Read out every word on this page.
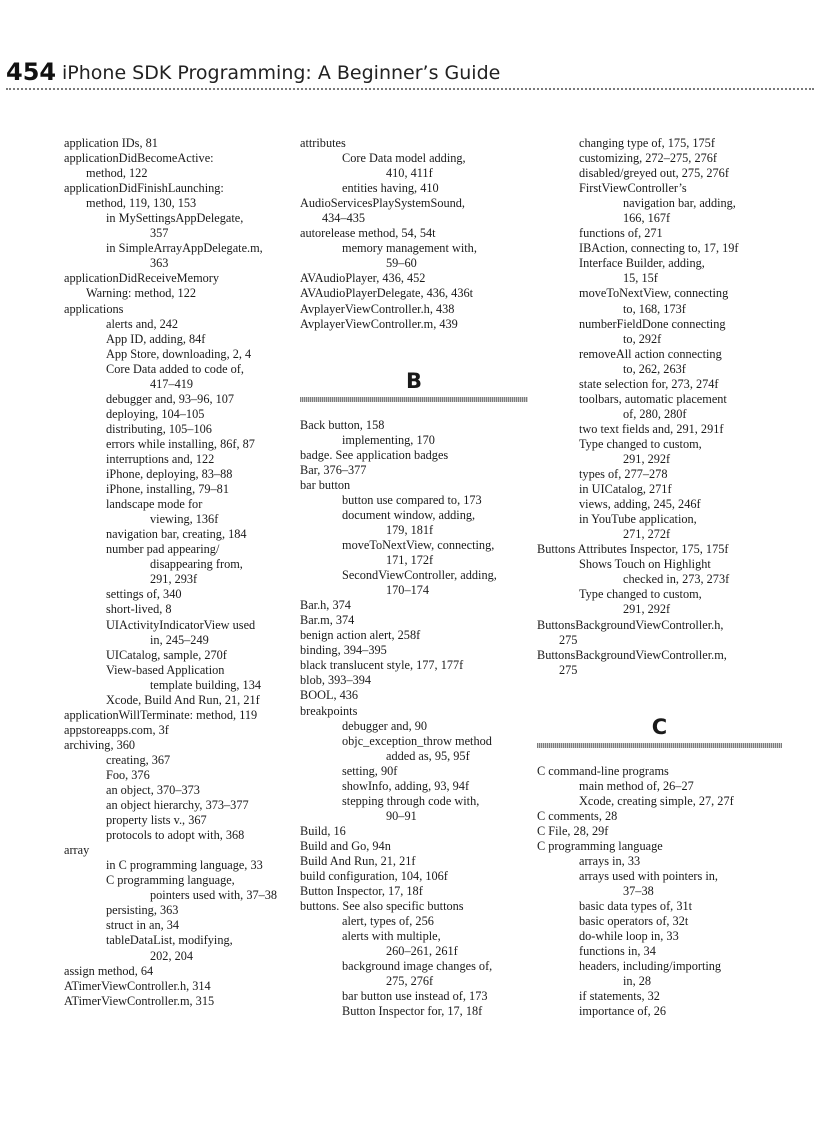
454 iPhone SDK Programming: A Beginner’s Guide
application IDs, 81
applicationDidBecomeActive:
method, 122
applicationDidFinishLaunching:
method, 119, 130, 153
in MySettingsAppDelegate,
357
in SimpleArrayAppDelegate.m,
363
applicationDidReceiveMemory
Warning: method, 122
applications
alerts and, 242
App ID, adding, 84f
App Store, downloading, 2, 4
Core Data added to code of,
417–419
debugger and, 93–96, 107
deploying, 104–105
distributing, 105–106
errors while installing, 86f, 87
interruptions and, 122
iPhone, deploying, 83–88
iPhone, installing, 79–81
landscape mode for
viewing, 136f
navigation bar, creating, 184
number pad appearing/
disappearing from,
291, 293f
settings of, 340
short-lived, 8
UIActivityIndicatorView used
in, 245–249
UICatalog, sample, 270f
View-based Application
template building, 134
Xcode, Build And Run, 21, 21f
applicationWillTerminate: method, 119
appstoreapps.com, 3f
archiving, 360
creating, 367
Foo, 376
an object, 370–373
an object hierarchy, 373–377
property lists v., 367
protocols to adopt with, 368
array
in C programming language, 33
C programming language,
pointers used with, 37–38
persisting, 363
struct in an, 34
tableDataList, modifying,
202, 204
assign method, 64
ATimerViewController.h, 314
ATimerViewController.m, 315
attributes
Core Data model adding,
410, 411f
entities having, 410
AudioServicesPlaySystemSound,
434–435
autorelease method, 54, 54t
memory management with,
59–60
AVAudioPlayer, 436, 452
AVAudioPlayerDelegate, 436, 436t
AvplayerViewController.h, 438
AvplayerViewController.m, 439
B
Back button, 158
implementing, 170
badge. See application badges
Bar, 376–377
bar button
button use compared to, 173
document window, adding,
179, 181f
moveToNextView, connecting,
171, 172f
SecondViewController, adding,
170–174
Bar.h, 374
Bar.m, 374
benign action alert, 258f
binding, 394–395
black translucent style, 177, 177f
blob, 393–394
BOOL, 436
breakpoints
debugger and, 90
objc_exception_throw method
added as, 95, 95f
setting, 90f
showInfo, adding, 93, 94f
stepping through code with,
90–91
Build, 16
Build and Go, 94n
Build And Run, 21, 21f
build configuration, 104, 106f
Button Inspector, 17, 18f
buttons. See also specific buttons
alert, types of, 256
alerts with multiple,
260–261, 261f
background image changes of,
275, 276f
bar button use instead of, 173
Button Inspector for, 17, 18f
changing type of, 175, 175f
customizing, 272–275, 276f
disabled/greyed out, 275, 276f
FirstViewController’s
navigation bar, adding,
166, 167f
functions of, 271
IBAction, connecting to, 17, 19f
Interface Builder, adding,
15, 15f
moveToNextView, connecting
to, 168, 173f
numberFieldDone connecting
to, 292f
removeAll action connecting
to, 262, 263f
state selection for, 273, 274f
toolbars, automatic placement
of, 280, 280f
two text fields and, 291, 291f
Type changed to custom,
291, 292f
types of, 277–278
in UICatalog, 271f
views, adding, 245, 246f
in YouTube application,
271, 272f
Buttons Attributes Inspector, 175, 175f
Shows Touch on Highlight
checked in, 273, 273f
Type changed to custom,
291, 292f
ButtonsBackgroundViewController.h,
275
ButtonsBackgroundViewController.m,
275
C
C command-line programs
main method of, 26–27
Xcode, creating simple, 27, 27f
C comments, 28
C File, 28, 29f
C programming language
arrays in, 33
arrays used with pointers in,
37–38
basic data types of, 31t
basic operators of, 32t
do-while loop in, 33
functions in, 34
headers, including/importing
in, 28
if statements, 32
importance of, 26
